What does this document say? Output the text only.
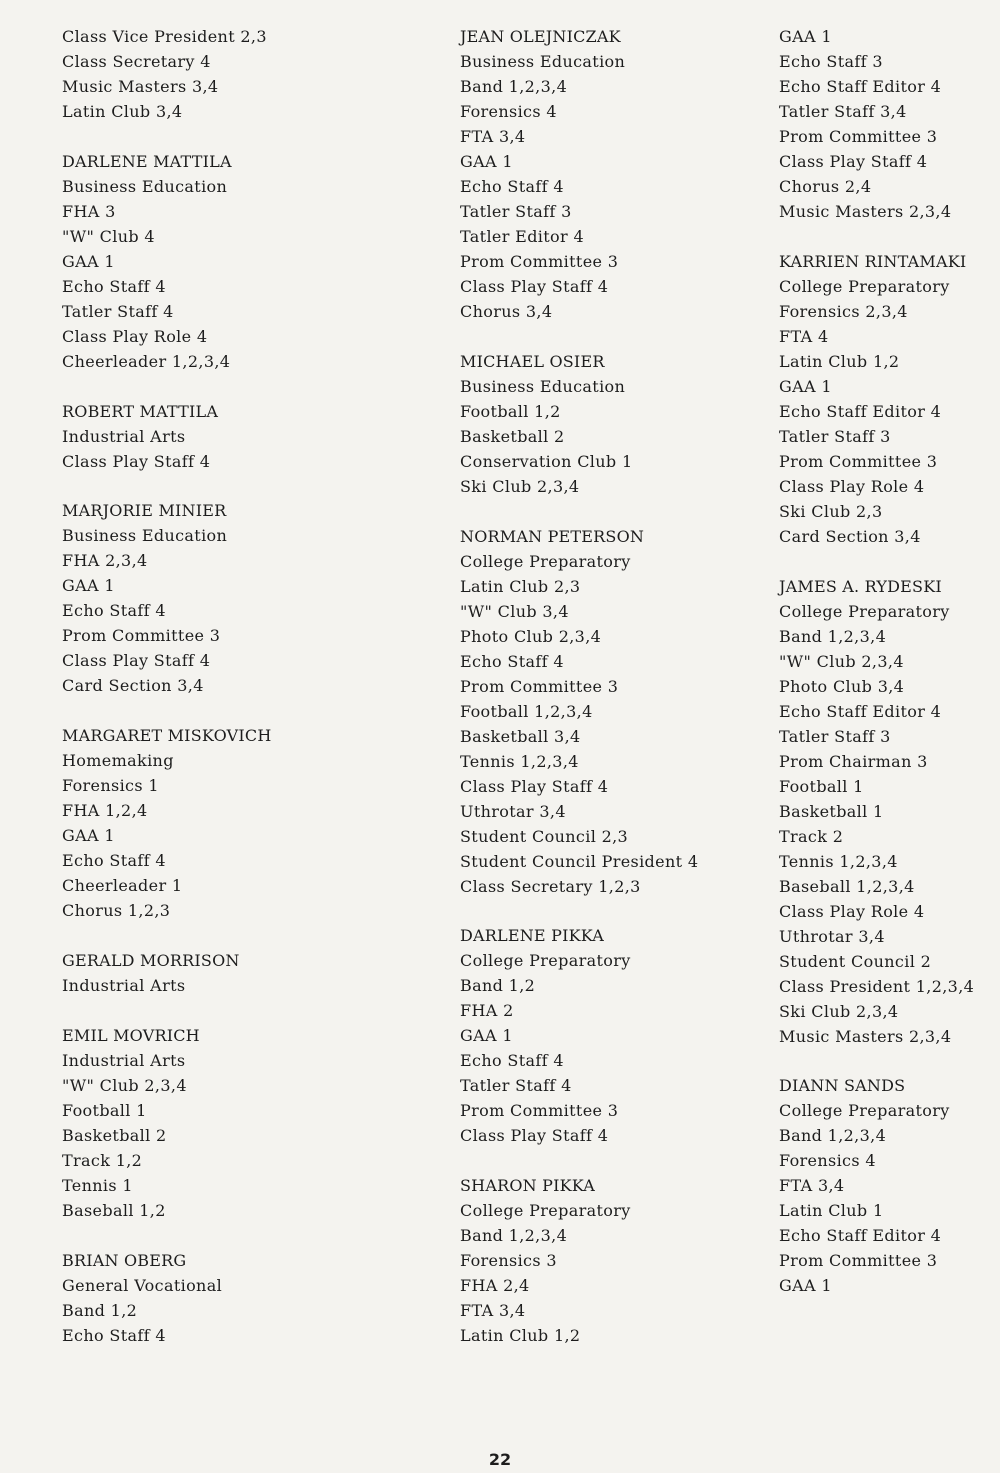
Class Vice President 2,3
Class Secretary 4
Music Masters 3,4
Latin Club 3,4
DARLENE MATTILA
Business Education
FHA 3
"W" Club 4
GAA 1
Echo Staff 4
Tatler Staff 4
Class Play Role 4
Cheerleader 1,2,3,4
ROBERT MATTILA
Industrial Arts
Class Play Staff 4
MARJORIE MINIER
Business Education
FHA 2,3,4
GAA 1
Echo Staff 4
Prom Committee 3
Class Play Staff 4
Card Section 3,4
MARGARET MISKOVICH
Homemaking
Forensics 1
FHA 1,2,4
GAA 1
Echo Staff 4
Cheerleader 1
Chorus 1,2,3
GERALD MORRISON
Industrial Arts
EMIL MOVRICH
Industrial Arts
"W" Club 2,3,4
Football 1
Basketball 2
Track 1,2
Tennis 1
Baseball 1,2
BRIAN OBERG
General Vocational
Band 1,2
Echo Staff 4
JEAN OLEJNICZAK
Business Education
Band 1,2,3,4
Forensics 4
FTA 3,4
GAA 1
Echo Staff 4
Tatler Staff 3
Tatler Editor 4
Prom Committee 3
Class Play Staff 4
Chorus 3,4
MICHAEL OSIER
Business Education
Football 1,2
Basketball 2
Conservation Club 1
Ski Club 2,3,4
NORMAN PETERSON
College Preparatory
Latin Club 2,3
"W" Club 3,4
Photo Club 2,3,4
Echo Staff 4
Prom Committee 3
Football 1,2,3,4
Basketball 3,4
Tennis 1,2,3,4
Class Play Staff 4
Uthrotar 3,4
Student Council 2,3
Student Council President 4
Class Secretary 1,2,3
DARLENE PIKKA
College Preparatory
Band 1,2
FHA 2
GAA 1
Echo Staff 4
Tatler Staff 4
Prom Committee 3
Class Play Staff 4
SHARON PIKKA
College Preparatory
Band 1,2,3,4
Forensics 3
FHA 2,4
FTA 3,4
Latin Club 1,2
GAA 1
Echo Staff 3
Echo Staff Editor 4
Tatler Staff 3,4
Prom Committee 3
Class Play Staff 4
Chorus 2,4
Music Masters 2,3,4
KARRIEN RINTAMAKI
College Preparatory
Forensics 2,3,4
FTA 4
Latin Club 1,2
GAA 1
Echo Staff Editor 4
Tatler Staff 3
Prom Committee 3
Class Play Role 4
Ski Club 2,3
Card Section 3,4
JAMES A. RYDESKI
College Preparatory
Band 1,2,3,4
"W" Club 2,3,4
Photo Club 3,4
Echo Staff Editor 4
Tatler Staff 3
Prom Chairman 3
Football 1
Basketball 1
Track 2
Tennis 1,2,3,4
Baseball 1,2,3,4
Class Play Role 4
Uthrotar 3,4
Student Council 2
Class President 1,2,3,4
Ski Club 2,3,4
Music Masters 2,3,4
DIANN SANDS
College Preparatory
Band 1,2,3,4
Forensics 4
FTA 3,4
Latin Club 1
Echo Staff Editor 4
Prom Committee 3
GAA 1
22
